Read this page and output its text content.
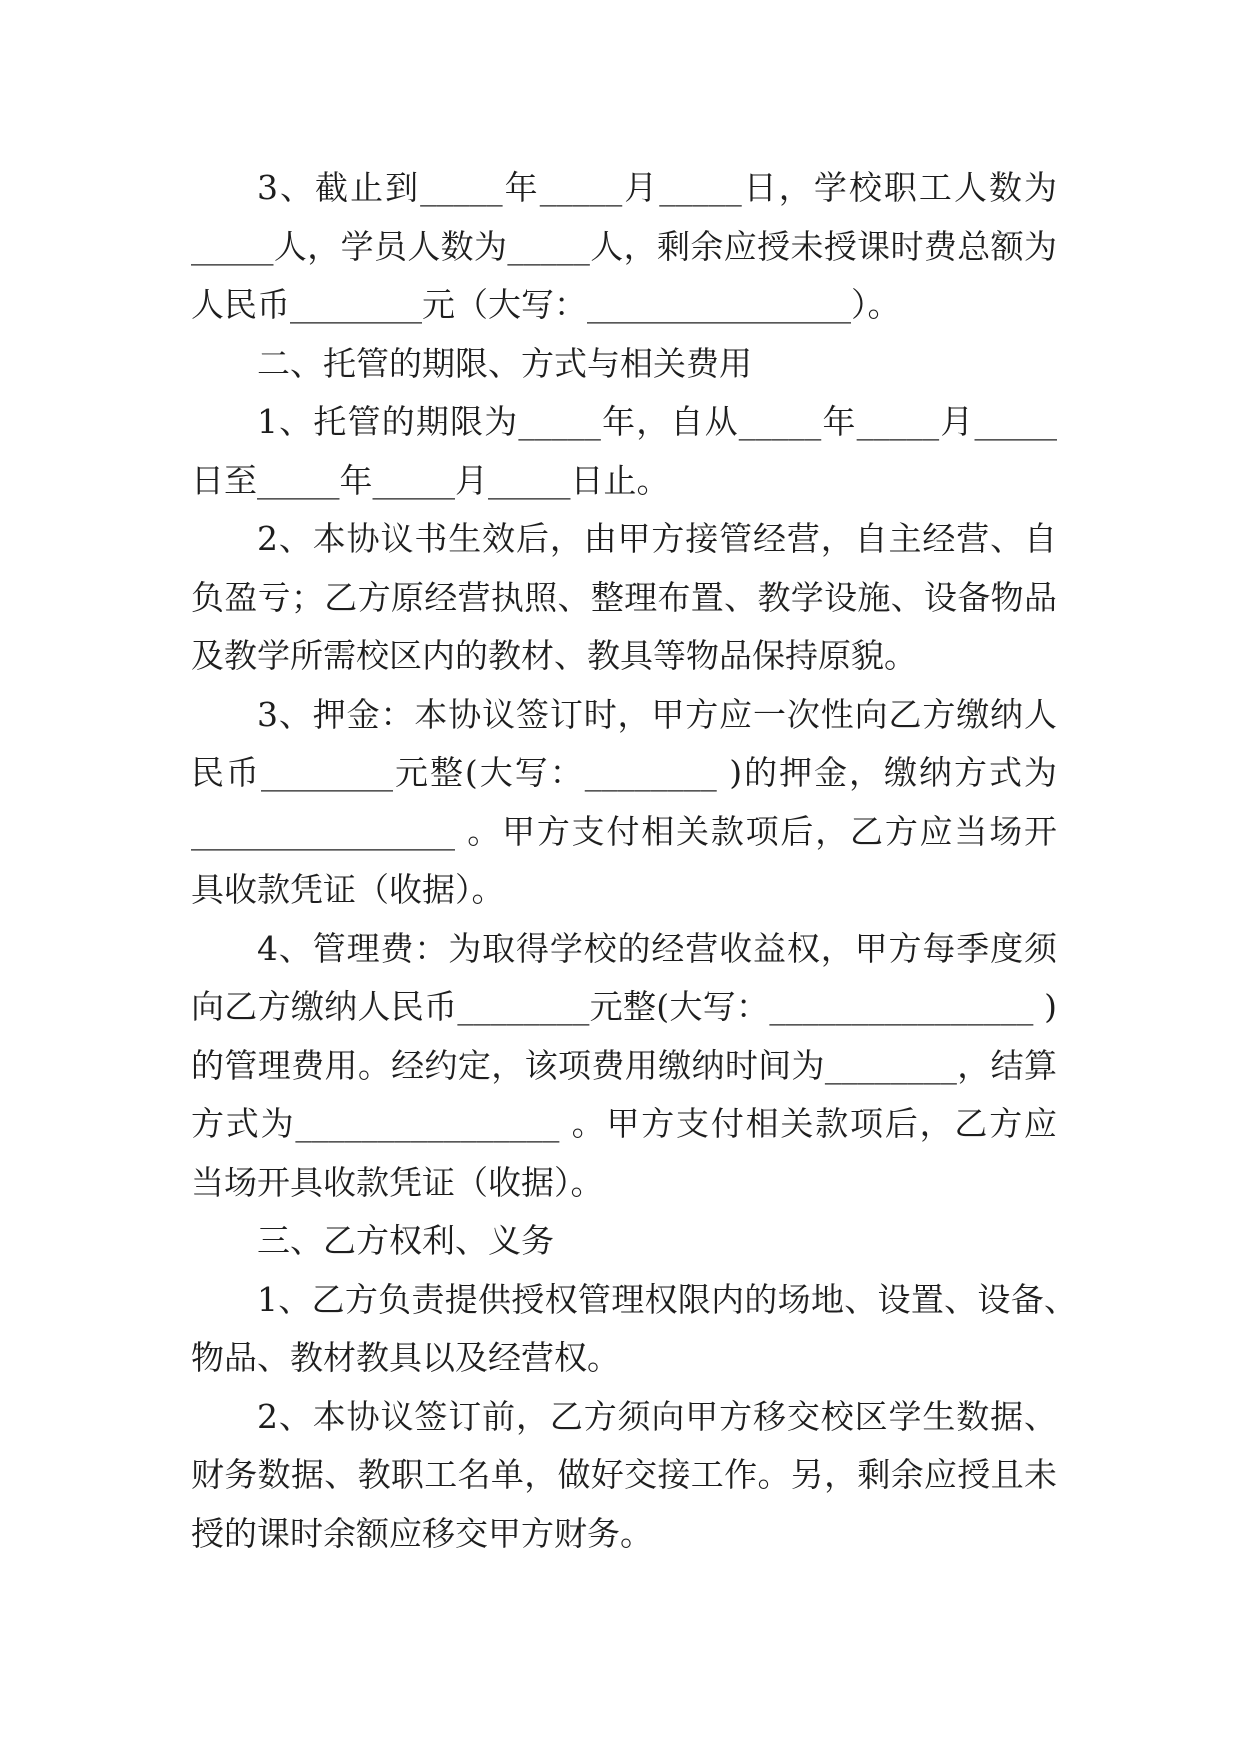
3、截止到_____年_____月_____日，学校职工人数为
_____人，学员人数为_____人，剩余应授未授课时费总额为
人民币________元（大写：________________）。
二、托管的期限、方式与相关费用
1、托管的期限为_____年，自从_____年_____月_____
日至_____年_____月_____日止。
2、本协议书生效后，由甲方接管经营，自主经营、自
负盈亏；乙方原经营执照、整理布置、教学设施、设备物品
及教学所需校区内的教材、教具等物品保持原貌。
3、押金：本协议签订时，甲方应一次性向乙方缴纳人
民币________元整(大写：________ )的押金，缴纳方式为
________________ 。甲方支付相关款项后，乙方应当场开
具收款凭证（收据）。
4、管理费：为取得学校的经营收益权，甲方每季度须
向乙方缴纳人民币________元整(大写：________________ )
的管理费用。经约定，该项费用缴纳时间为________，结算
方式为________________ 。甲方支付相关款项后，乙方应
当场开具收款凭证（收据）。
三、乙方权利、义务
1、乙方负责提供授权管理权限内的场地、设置、设备、
物品、教材教具以及经营权。
2、本协议签订前，乙方须向甲方移交校区学生数据、
财务数据、教职工名单，做好交接工作。另，剩余应授且未
授的课时余额应移交甲方财务。
